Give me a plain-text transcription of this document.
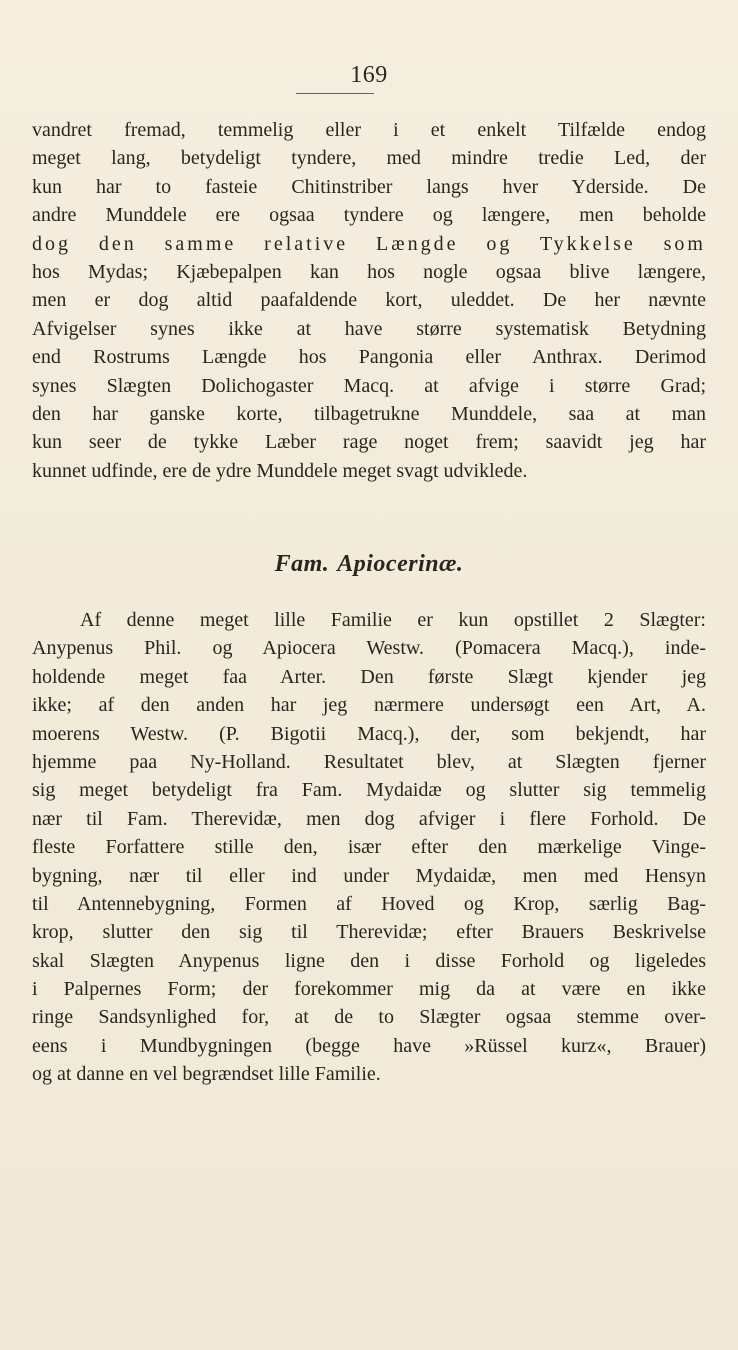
169
vandret fremad, temmelig eller i et enkelt Tilfælde endog
meget lang, betydeligt tyndere, med mindre tredie Led, der
kun har to fasteie Chitinstriber langs hver Yderside. De
andre Munddele ere ogsaa tyndere og længere, men beholde
dog den samme relative Længde og Tykkelse som
hos Mydas; Kjæbepalpen kan hos nogle ogsaa blive længere,
men er dog altid paafaldende kort, uleddet. De her nævnte
Afvigelser synes ikke at have større systematisk Betydning
end Rostrums Længde hos Pangonia eller Anthrax. Derimod
synes Slægten Dolichogaster Macq. at afvige i større Grad;
den har ganske korte, tilbagetrukne Munddele, saa at man
kun seer de tykke Læber rage noget frem; saavidt jeg har
kunnet udfinde, ere de ydre Munddele meget svagt udviklede.
Fam. Apiocerinæ.
Af denne meget lille Familie er kun opstillet 2 Slægter:
Anypenus Phil. og Apiocera Westw. (Pomacera Macq.), inde-
holdende meget faa Arter. Den første Slægt kjender jeg
ikke; af den anden har jeg nærmere undersøgt een Art, A.
moerens Westw. (P. Bigotii Macq.), der, som bekjendt, har
hjemme paa Ny-Holland. Resultatet blev, at Slægten fjerner
sig meget betydeligt fra Fam. Mydaidæ og slutter sig temmelig
nær til Fam. Therevidæ, men dog afviger i flere Forhold. De
fleste Forfattere stille den, især efter den mærkelige Vinge-
bygning, nær til eller ind under Mydaidæ, men med Hensyn
til Antennebygning, Formen af Hoved og Krop, særlig Bag-
krop, slutter den sig til Therevidæ; efter Brauers Beskrivelse
skal Slægten Anypenus ligne den i disse Forhold og ligeledes
i Palpernes Form; der forekommer mig da at være en ikke
ringe Sandsynlighed for, at de to Slægter ogsaa stemme over-
eens i Mundbygningen (begge have »Rüssel kurz«, Brauer)
og at danne en vel begrændset lille Familie.
